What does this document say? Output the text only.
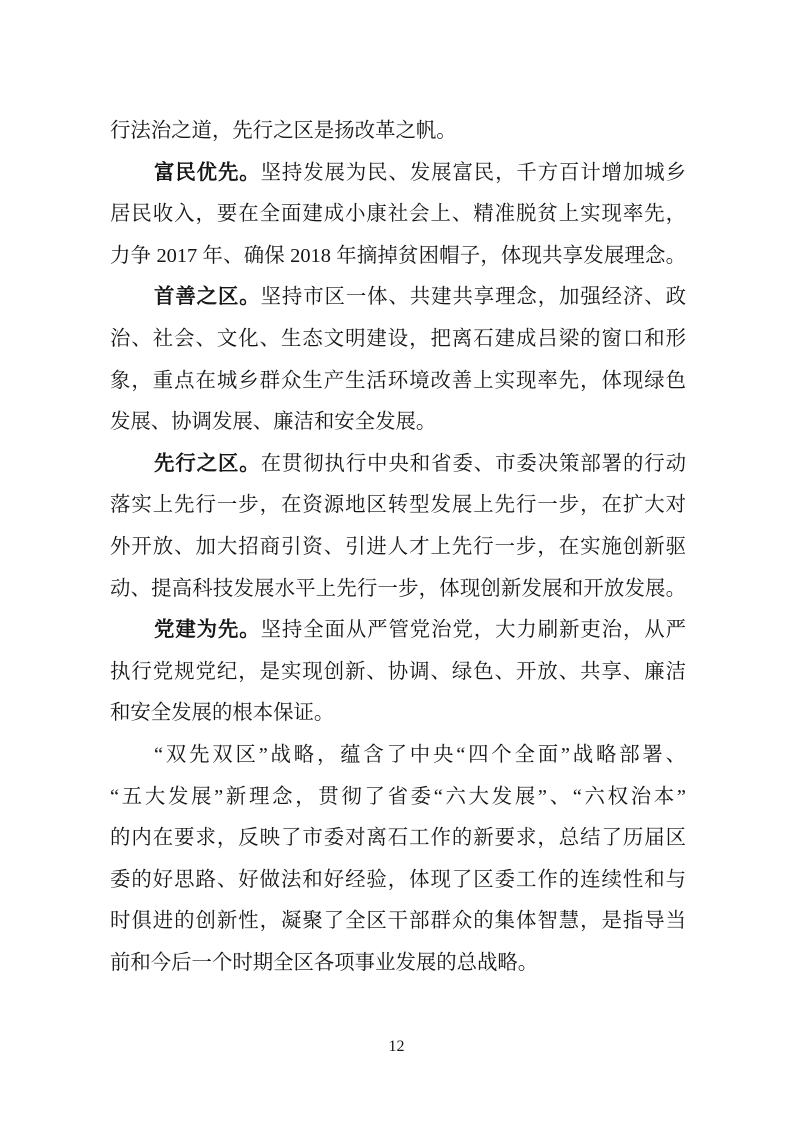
行法治之道，先行之区是扬改革之帆。
富民优先。坚持发展为民、发展富民，千方百计增加城乡
居民收入，要在全面建成小康社会上、精准脱贫上实现率先，
力争 2017 年、确保 2018 年摘掉贫困帽子，体现共享发展理念。
首善之区。坚持市区一体、共建共享理念，加强经济、政
治、社会、文化、生态文明建设，把离石建成吕梁的窗口和形
象，重点在城乡群众生产生活环境改善上实现率先，体现绿色
发展、协调发展、廉洁和安全发展。
先行之区。在贯彻执行中央和省委、市委决策部署的行动
落实上先行一步，在资源地区转型发展上先行一步，在扩大对
外开放、加大招商引资、引进人才上先行一步，在实施创新驱
动、提高科技发展水平上先行一步，体现创新发展和开放发展。
党建为先。坚持全面从严管党治党，大力刷新吏治，从严
执行党规党纪，是实现创新、协调、绿色、开放、共享、廉洁
和安全发展的根本保证。
“双先双区”战略，蕴含了中央“四个全面”战略部署、
“五大发展”新理念，贯彻了省委“六大发展”、“六权治本”
的内在要求，反映了市委对离石工作的新要求，总结了历届区
委的好思路、好做法和好经验，体现了区委工作的连续性和与
时俱进的创新性，凝聚了全区干部群众的集体智慧，是指导当
前和今后一个时期全区各项事业发展的总战略。
12
